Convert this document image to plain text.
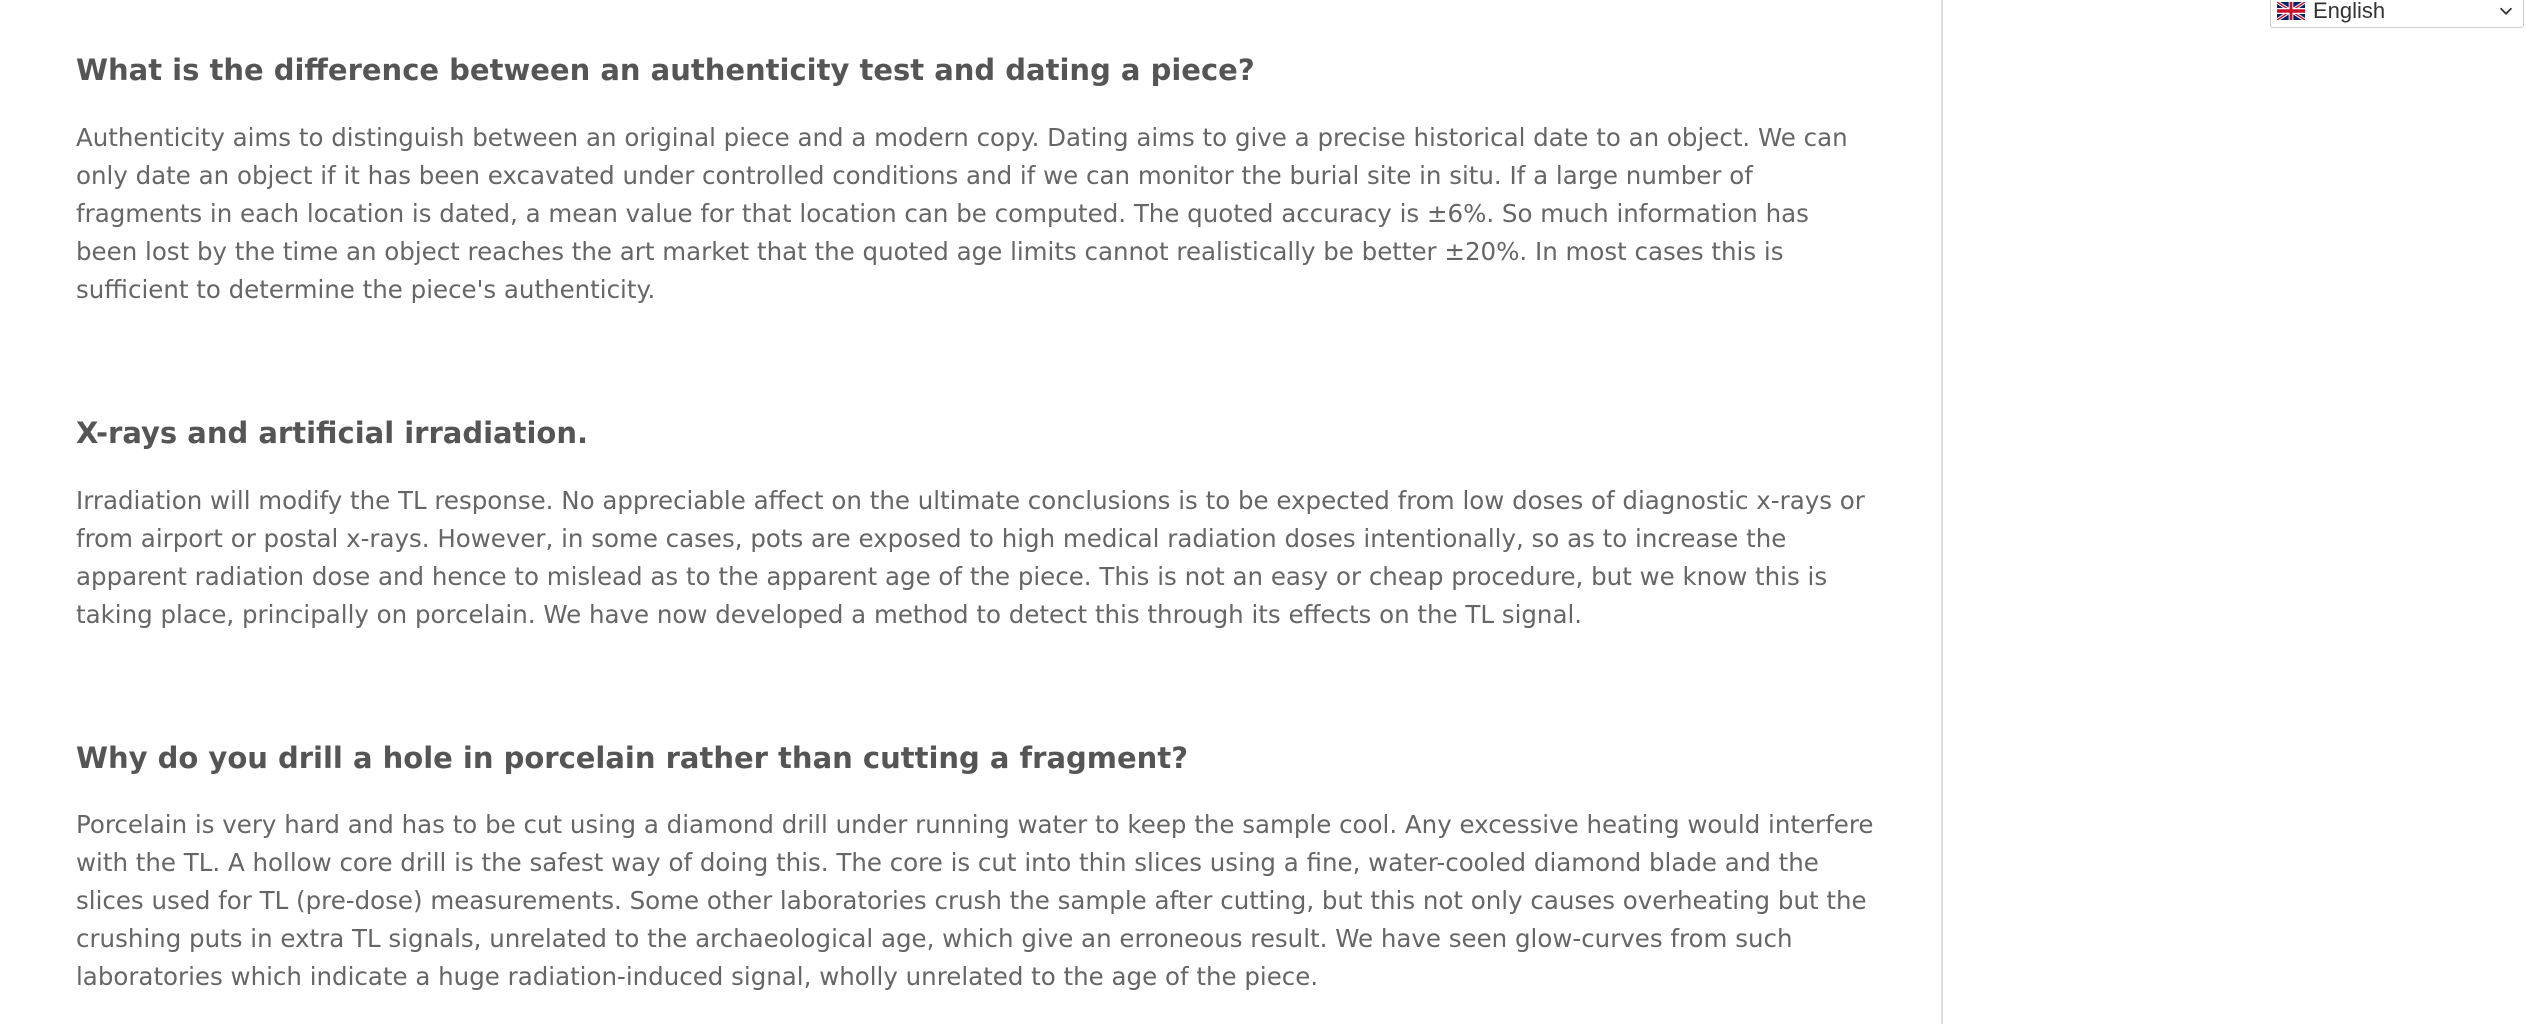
What is the difference between an authenticity test and dating a piece?

Authenticity aims to distinguish between an original piece and a modern copy. Dating aims to give a precise historical date to an object. We can only date an object if it has been excavated under controlled conditions and if we can monitor the burial site in situ. If a large number of fragments in each location is dated, a mean value for that location can be computed. The quoted accuracy is ±6%. So much information has been lost by the time an object reaches the art market that the quoted age limits cannot realistically be better ±20%. In most cases this is sufficient to determine the piece's authenticity.

X-rays and artificial irradiation.

Irradiation will modify the TL response. No appreciable affect on the ultimate conclusions is to be expected from low doses of diagnostic x-rays or from airport or postal x-rays. However, in some cases, pots are exposed to high medical radiation doses intentionally, so as to increase the apparent radiation dose and hence to mislead as to the apparent age of the piece. This is not an easy or cheap procedure, but we know this is taking place, principally on porcelain. We have now developed a method to detect this through its effects on the TL signal.

Why do you drill a hole in porcelain rather than cutting a fragment?

Porcelain is very hard and has to be cut using a diamond drill under running water to keep the sample cool. Any excessive heating would interfere with the TL. A hollow core drill is the safest way of doing this. The core is cut into thin slices using a fine, water-cooled diamond blade and the slices used for TL (pre-dose) measurements. Some other laboratories crush the sample after cutting, but this not only causes overheating but the crushing puts in extra TL signals, unrelated to the archaeological age, which give an erroneous result. We have seen glow-curves from such laboratories which indicate a huge radiation-induced signal, wholly unrelated to the age of the piece.

English
